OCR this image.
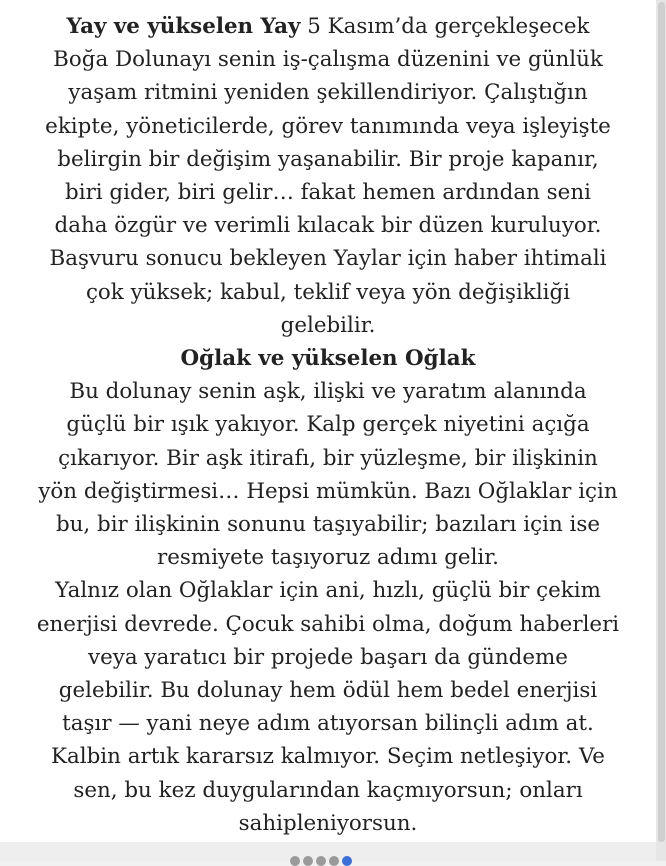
Yay ve yükselen Yay 5 Kasım’da gerçekleşecek
Boğa Dolunayı senin iş-çalışma düzenini ve günlük
yaşam ritmini yeniden şekillendiriyor. Çalıştığın
ekipte, yöneticilerde, görev tanımında veya işleyişte
belirgin bir değişim yaşanabilir. Bir proje kapanır,
biri gider, biri gelir… fakat hemen ardından seni
daha özgür ve verimli kılacak bir düzen kuruluyor.
Başvuru sonucu bekleyen Yaylar için haber ihtimali
çok yüksek; kabul, teklif veya yön değişikliği
gelebilir.
Oğlak ve yükselen Oğlak
Bu dolunay senin aşk, ilişki ve yaratım alanında
güçlü bir ışık yakıyor. Kalp gerçek niyetini açığa
çıkarıyor. Bir aşk itirafı, bir yüzleşme, bir ilişkinin
yön değiştirmesi… Hepsi mümkün. Bazı Oğlaklar için
bu, bir ilişkinin sonunu taşıyabilir; bazıları için ise
resmiyete taşıyoruz adımı gelir.
Yalnız olan Oğlaklar için ani, hızlı, güçlü bir çekim
enerjisi devrede. Çocuk sahibi olma, doğum haberleri
veya yaratıcı bir projede başarı da gündeme
gelebilir. Bu dolunay hem ödül hem bedel enerjisi
taşır — yani neye adım atıyorsan bilinçli adım at.
Kalbin artık kararsız kalmıyor. Seçim netleşiyor. Ve
sen, bu kez duygularından kaçmıyorsun; onları
sahipleniyorsun.
